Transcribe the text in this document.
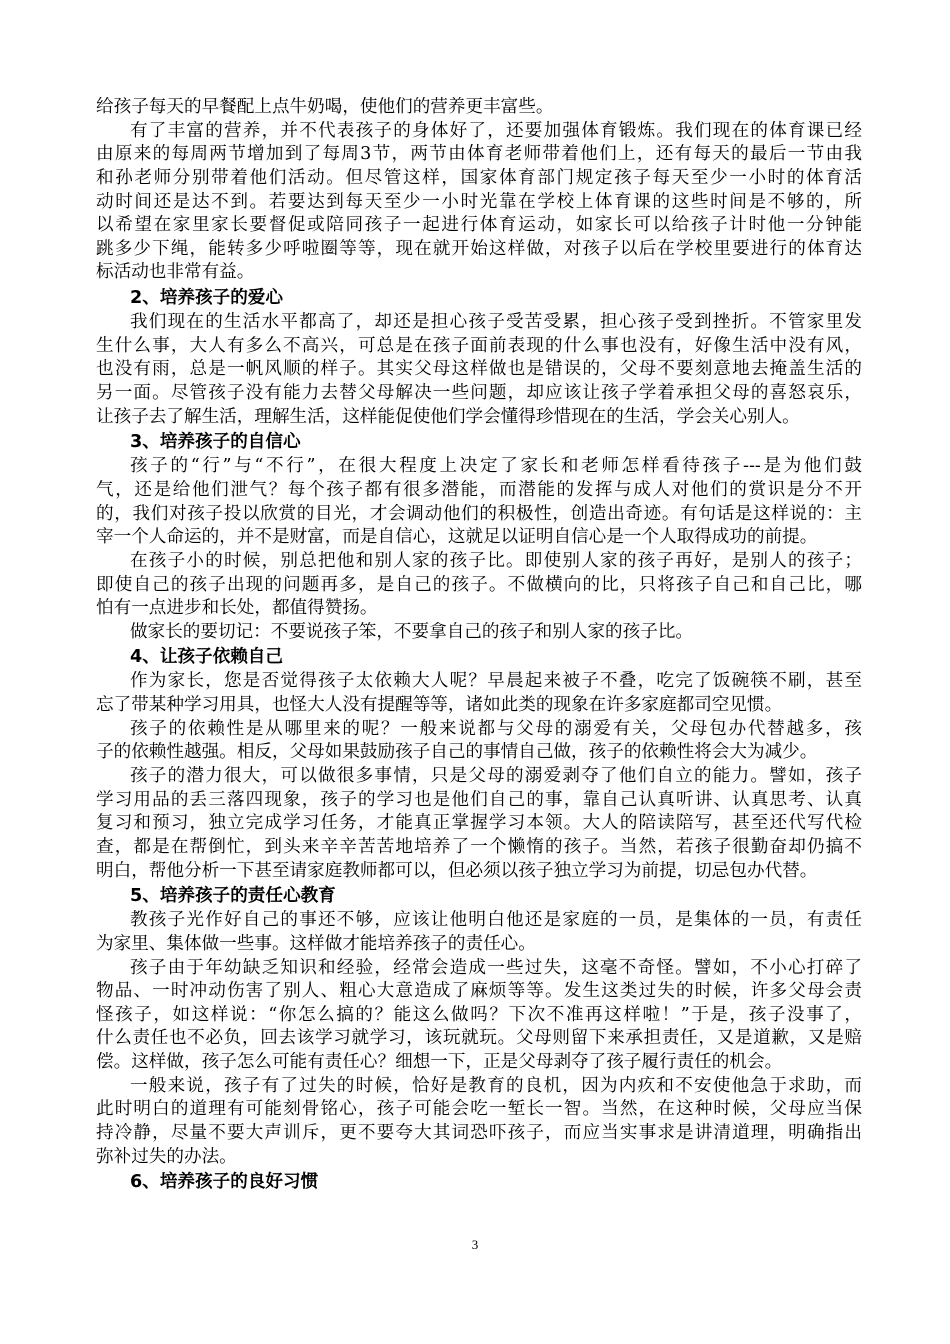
给孩子每天的早餐配上点牛奶喝，使他们的营养更丰富些。
有了丰富的营养，并不代表孩子的身体好了，还要加强体育锻炼。我们现在的体育课已经
由原来的每周两节增加到了每周3节，两节由体育老师带着他们上，还有每天的最后一节由我
和孙老师分别带着他们活动。但尽管这样，国家体育部门规定孩子每天至少一小时的体育活
动时间还是达不到。若要达到每天至少一小时光靠在学校上体育课的这些时间是不够的，所
以希望在家里家长要督促或陪同孩子一起进行体育运动，如家长可以给孩子计时他一分钟能
跳多少下绳，能转多少呼啦圈等等，现在就开始这样做，对孩子以后在学校里要进行的体育达
标活动也非常有益。
2、培养孩子的爱心
我们现在的生活水平都高了，却还是担心孩子受苦受累，担心孩子受到挫折。不管家里发
生什么事，大人有多么不高兴，可总是在孩子面前表现的什么事也没有，好像生活中没有风，
也没有雨，总是一帆风顺的样子。其实父母这样做也是错误的，父母不要刻意地去掩盖生活的
另一面。尽管孩子没有能力去替父母解决一些问题，却应该让孩子学着承担父母的喜怒哀乐，
让孩子去了解生活，理解生活，这样能促使他们学会懂得珍惜现在的生活，学会关心别人。
3、培养孩子的自信心
孩子的“行”与“不行”，在很大程度上决定了家长和老师怎样看待孩子---是为他们鼓
气，还是给他们泄气？每个孩子都有很多潜能，而潜能的发挥与成人对他们的赏识是分不开
的，我们对孩子投以欣赏的目光，才会调动他们的积极性，创造出奇迹。有句话是这样说的：主
宰一个人命运的，并不是财富，而是自信心，这就足以证明自信心是一个人取得成功的前提。
在孩子小的时候，别总把他和别人家的孩子比。即使别人家的孩子再好，是别人的孩子；
即使自己的孩子出现的问题再多，是自己的孩子。不做横向的比，只将孩子自己和自己比，哪
怕有一点进步和长处，都值得赞扬。
做家长的要切记：不要说孩子笨，不要拿自己的孩子和别人家的孩子比。
4、让孩子依赖自己
作为家长，您是否觉得孩子太依赖大人呢？早晨起来被子不叠，吃完了饭碗筷不刷，甚至
忘了带某种学习用具，也怪大人没有提醒等等，诸如此类的现象在许多家庭都司空见惯。
孩子的依赖性是从哪里来的呢？一般来说都与父母的溺爱有关，父母包办代替越多，孩
子的依赖性越强。相反，父母如果鼓励孩子自己的事情自己做，孩子的依赖性将会大为减少。
孩子的潜力很大，可以做很多事情，只是父母的溺爱剥夺了他们自立的能力。譬如，孩子
学习用品的丢三落四现象，孩子的学习也是他们自己的事，靠自己认真听讲、认真思考、认真
复习和预习，独立完成学习任务，才能真正掌握学习本领。大人的陪读陪写，甚至还代写代检
查，都是在帮倒忙，到头来辛辛苦苦地培养了一个懒惰的孩子。当然，若孩子很勤奋却仍搞不
明白，帮他分析一下甚至请家庭教师都可以，但必须以孩子独立学习为前提，切忌包办代替。
5、培养孩子的责任心教育
教孩子光作好自己的事还不够，应该让他明白他还是家庭的一员，是集体的一员，有责任
为家里、集体做一些事。这样做才能培养孩子的责任心。
孩子由于年幼缺乏知识和经验，经常会造成一些过失，这毫不奇怪。譬如，不小心打碎了
物品、一时冲动伤害了别人、粗心大意造成了麻烦等等。发生这类过失的时候，许多父母会责
怪孩子，如这样说：“你怎么搞的？能这么做吗？下次不准再这样啦！”于是，孩子没事了，
什么责任也不必负，回去该学习就学习，该玩就玩。父母则留下来承担责任，又是道歉，又是赔
偿。这样做，孩子怎么可能有责任心？细想一下，正是父母剥夺了孩子履行责任的机会。
一般来说，孩子有了过失的时候，恰好是教育的良机，因为内疚和不安使他急于求助，而
此时明白的道理有可能刻骨铭心，孩子可能会吃一堑长一智。当然，在这种时候，父母应当保
持冷静，尽量不要大声训斥，更不要夸大其词恐吓孩子，而应当实事求是讲清道理，明确指出
弥补过失的办法。
6、培养孩子的良好习惯
3
